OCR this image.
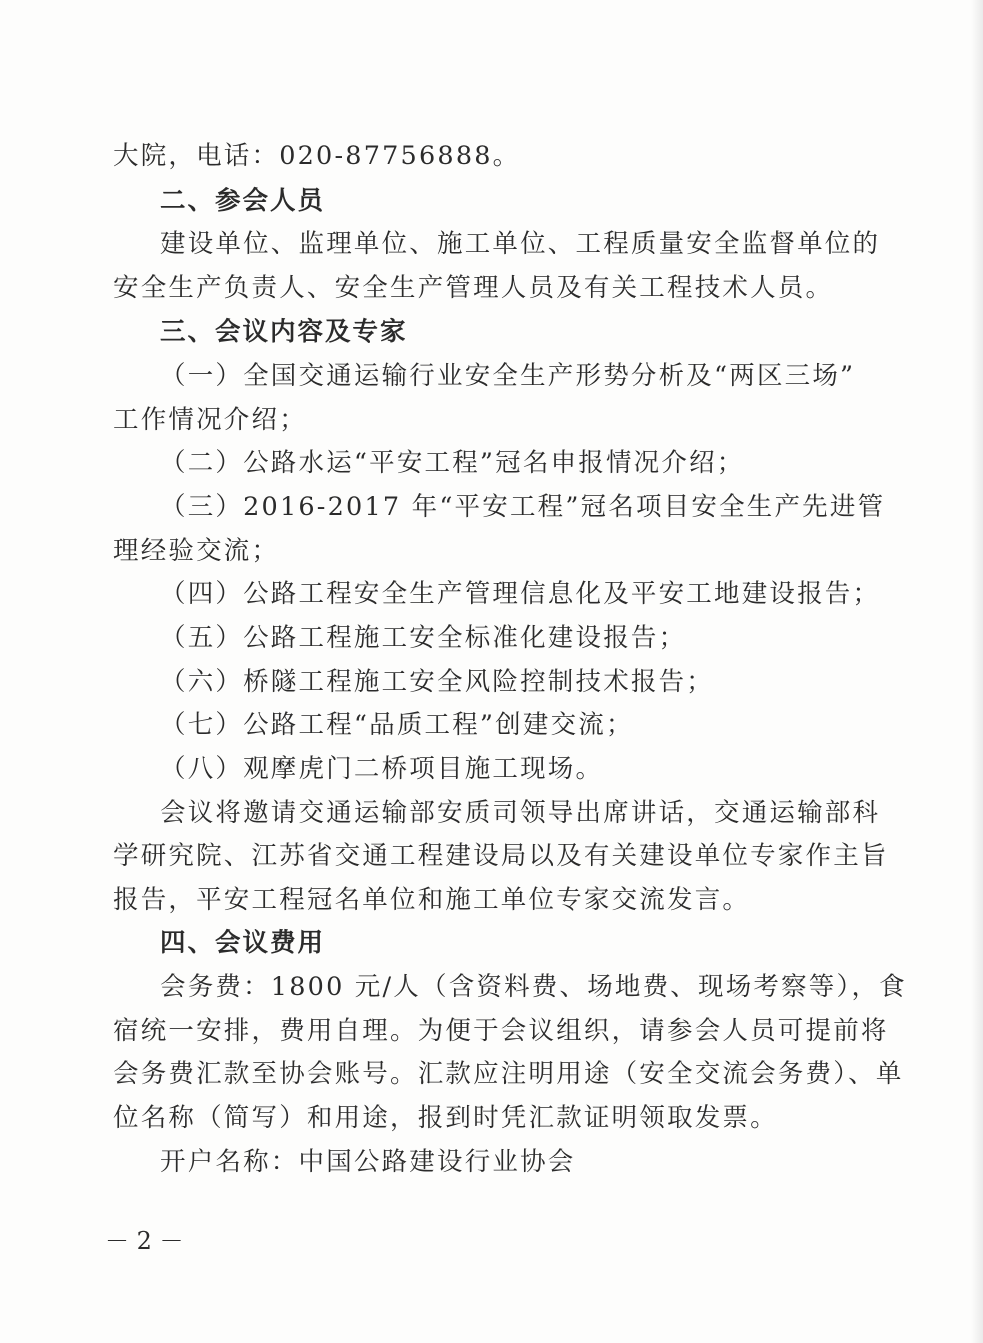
大院，电话：020-87756888。
二、参会人员
建设单位、监理单位、施工单位、工程质量安全监督单位的
安全生产负责人、安全生产管理人员及有关工程技术人员。
三、会议内容及专家
（一）全国交通运输行业安全生产形势分析及“两区三场”
工作情况介绍；
（二）公路水运“平安工程”冠名申报情况介绍；
（三）2016-2017 年“平安工程”冠名项目安全生产先进管
理经验交流；
（四）公路工程安全生产管理信息化及平安工地建设报告；
（五）公路工程施工安全标准化建设报告；
（六）桥隧工程施工安全风险控制技术报告；
（七）公路工程“品质工程”创建交流；
（八）观摩虎门二桥项目施工现场。
会议将邀请交通运输部安质司领导出席讲话，交通运输部科
学研究院、江苏省交通工程建设局以及有关建设单位专家作主旨
报告，平安工程冠名单位和施工单位专家交流发言。
四、会议费用
会务费：1800 元/人（含资料费、场地费、现场考察等），食
宿统一安排，费用自理。为便于会议组织，请参会人员可提前将
会务费汇款至协会账号。汇款应注明用途（安全交流会务费）、单
位名称（简写）和用途，报到时凭汇款证明领取发票。
开户名称：中国公路建设行业协会
－ 2 －
